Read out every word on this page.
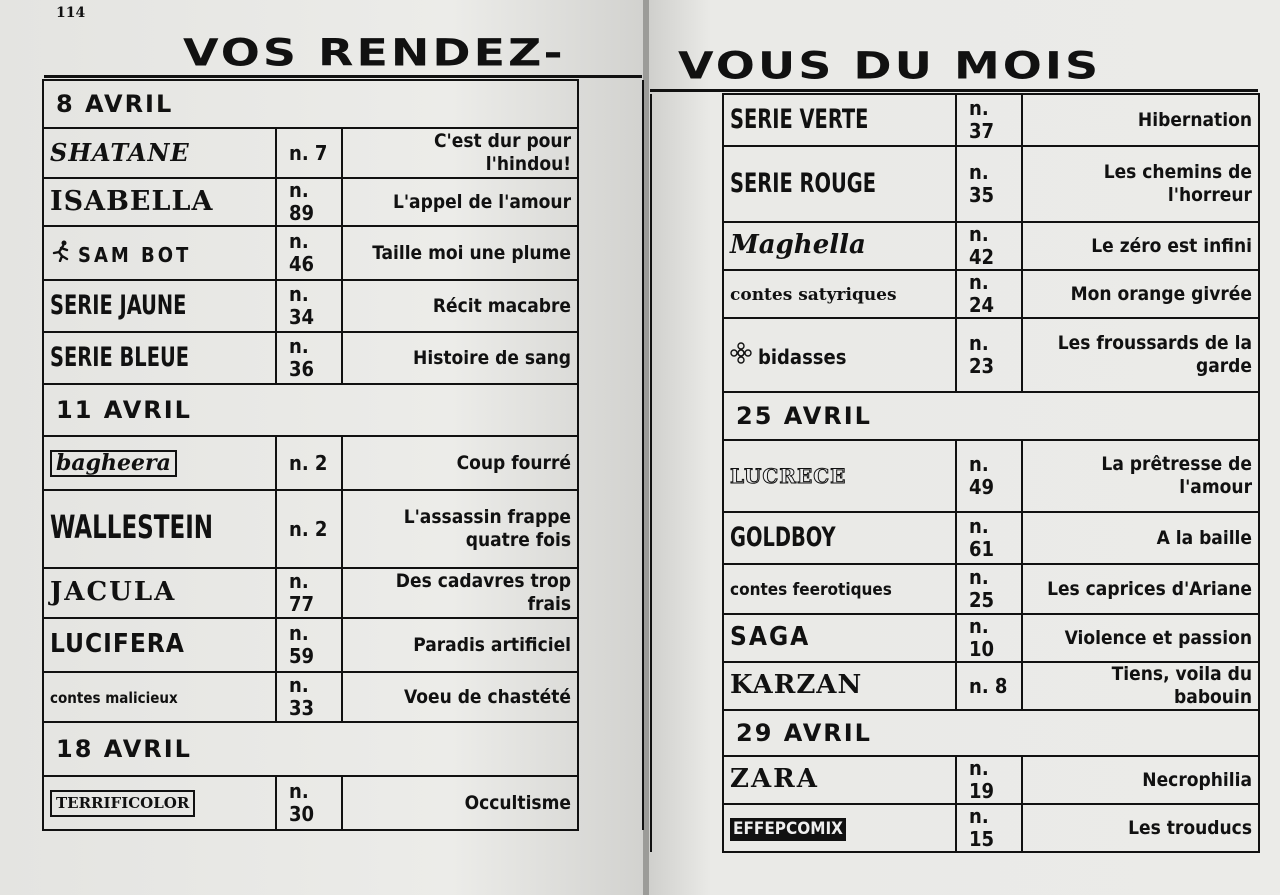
114
VOS RENDEZ- VOUS DU MOIS
8 AVRIL			
SHATANE	n. 7	C'est dur pour l'hindou!	
ISABELLA	n. 89	L'appel de l'amour	
SAM BOT	n. 46	Taille moi une plume	
SERIE JAUNE	n. 34	Récit macabre	
SERIE BLEUE	n. 36	Histoire de sang	
11 AVRIL			
bagheera	n. 2	Coup fourré	
WALLESTEIN	n. 2	L'assassin frappe quatre fois	
JACULA	n. 77	Des cadavres trop frais	
LUCIFERA	n. 59	Paradis artificiel	
contes malicieux	n. 33	Voeu de chastété	
18 AVRIL			
TERRIFICOLOR	n. 30	Occultisme	
	SERIE VERTE	n. 37	Hibernation
	SERIE ROUGE	n. 35	Les chemins de l'horreur
	Maghella	n. 42	Le zéro est infini
	contes satyriques	n. 24	Mon orange givrée
	bidasses	n. 23	Les froussards de la garde
	25 AVRIL		
	LUCRECE	n. 49	La prêtresse de l'amour
	GOLDBOY	n. 61	A la baille
	contes feerotiques	n. 25	Les caprices d'Ariane
	SAGA	n. 10	Violence et passion
	KARZAN	n. 8	Tiens, voila du babouin
	29 AVRIL		
	ZARA	n. 19	Necrophilia
	EFFEPCOMIX	n. 15	Les trouducs
